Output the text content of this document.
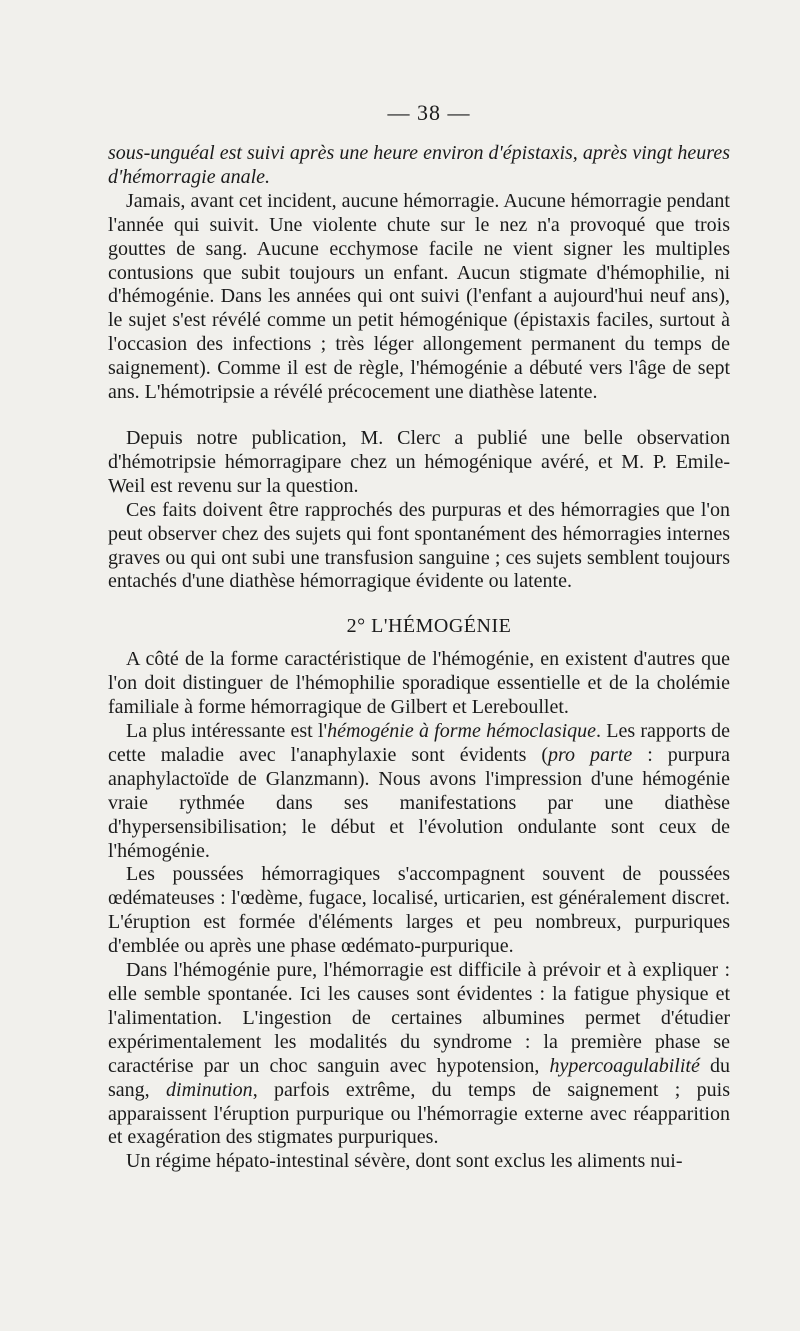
— 38 —

sous-unguéal est suivi après une heure environ d'épistaxis, après vingt heures d'hémorragie anale.

Jamais, avant cet incident, aucune hémorragie. Aucune hémorragie pendant l'année qui suivit. Une violente chute sur le nez n'a provoqué que trois gouttes de sang. Aucune ecchymose facile ne vient signer les multiples contusions que subit toujours un enfant. Aucun stigmate d'hémophilie, ni d'hémogénie. Dans les années qui ont suivi (l'enfant a aujourd'hui neuf ans), le sujet s'est révélé comme un petit hémogénique (épistaxis faciles, surtout à l'occasion des infections ; très léger allongement permanent du temps de saignement). Comme il est de règle, l'hémogénie a débuté vers l'âge de sept ans. L'hémotripsie a révélé précocement une diathèse latente.

Depuis notre publication, M. Clerc a publié une belle observation d'hémotripsie hémorragipare chez un hémogénique avéré, et M. P. Emile-Weil est revenu sur la question.

Ces faits doivent être rapprochés des purpuras et des hémorragies que l'on peut observer chez des sujets qui font spontanément des hémorragies internes graves ou qui ont subi une transfusion sanguine ; ces sujets semblent toujours entachés d'une diathèse hémorragique évidente ou latente.

2° L'HÉMOGÉNIE

A côté de la forme caractéristique de l'hémogénie, en existent d'autres que l'on doit distinguer de l'hémophilie sporadique essentielle et de la cholémie familiale à forme hémorragique de Gilbert et Lereboullet.

La plus intéressante est l'hémogénie à forme hémoclasique. Les rapports de cette maladie avec l'anaphylaxie sont évidents (pro parte : purpura anaphylactoïde de Glanzmann). Nous avons l'impression d'une hémogénie vraie rythmée dans ses manifestations par une diathèse d'hypersensibilisation; le début et l'évolution ondulante sont ceux de l'hémogénie.

Les poussées hémorragiques s'accompagnent souvent de poussées œdémateuses : l'œdème, fugace, localisé, urticarien, est généralement discret. L'éruption est formée d'éléments larges et peu nombreux, purpuriques d'emblée ou après une phase œdémato-purpurique.

Dans l'hémogénie pure, l'hémorragie est difficile à prévoir et à expliquer : elle semble spontanée. Ici les causes sont évidentes : la fatigue physique et l'alimentation. L'ingestion de certaines albumines permet d'étudier expérimentalement les modalités du syndrome : la première phase se caractérise par un choc sanguin avec hypotension, hypercoagulabilité du sang, diminution, parfois extrême, du temps de saignement ; puis apparaissent l'éruption purpurique ou l'hémorragie externe avec réapparition et exagération des stigmates purpuriques.

Un régime hépato-intestinal sévère, dont sont exclus les aliments nui-
